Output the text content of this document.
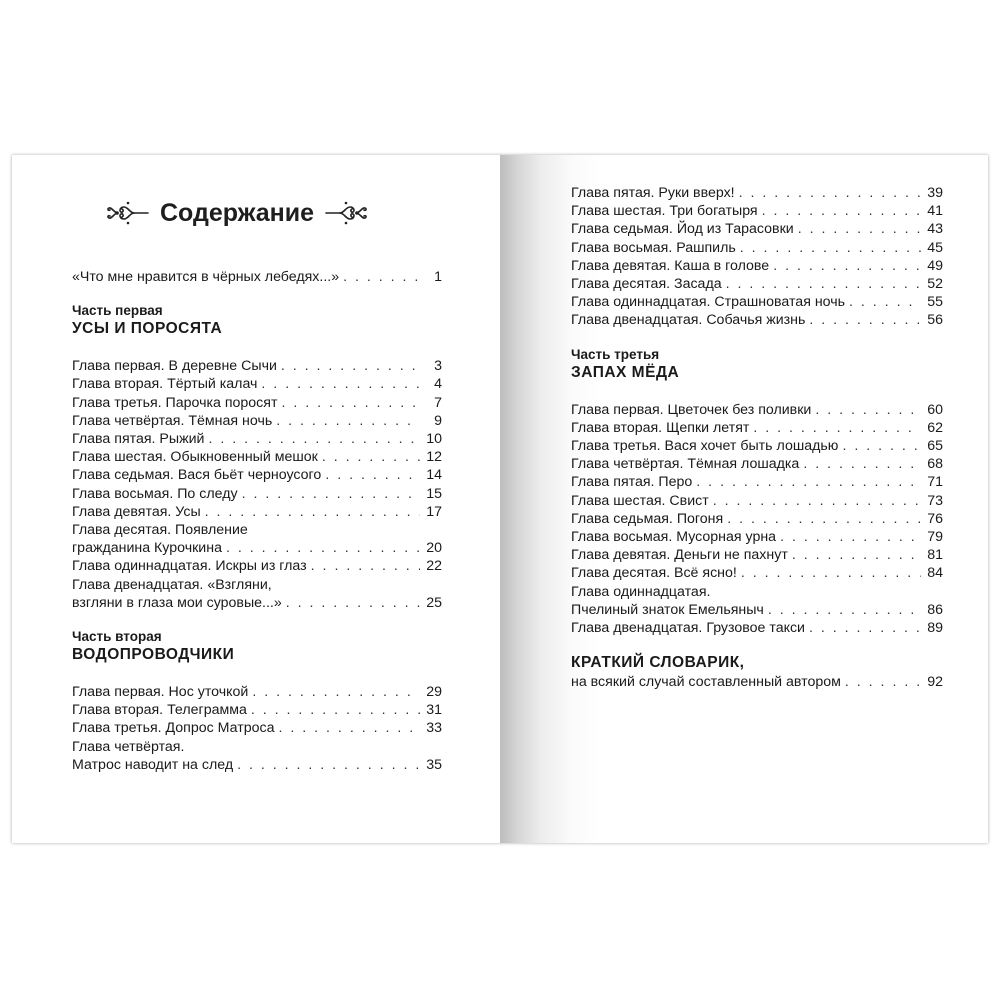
Содержание
«Что мне нравится в чёрных лебедях...» . . .	1
Часть первая
УСЫ И ПОРОСЯТА
Глава первая. В деревне Сычи . . .	3
Глава вторая. Тёртый калач . . .	4
Глава третья. Парочка поросят . . .	7
Глава четвёртая. Тёмная ночь . . .	9
Глава пятая. Рыжий . . .	10
Глава шестая. Обыкновенный мешок . . .	12
Глава седьмая. Вася бьёт черноусого . . .	14
Глава восьмая. По следу . . .	15
Глава девятая. Усы . . .	17
Глава десятая. Появление
гражданина Курочкина . . .	20
Глава одиннадцатая. Искры из глаз . . .	22
Глава двенадцатая. «Взгляни,
взгляни в глаза мои суровые...» . . .	25
Часть вторая
ВОДОПРОВОДЧИКИ
Глава первая. Нос уточкой . . .	29
Глава вторая. Телеграмма . . .	31
Глава третья. Допрос Матроса . . .	33
Глава четвёртая.
Матрос наводит на след . . .	35
Глава пятая. Руки вверх! . . .	39
Глава шестая. Три богатыря . . .	41
Глава седьмая. Йод из Тарасовки . . .	43
Глава восьмая. Рашпиль . . .	45
Глава девятая. Каша в голове . . .	49
Глава десятая. Засада . . .	52
Глава одиннадцатая. Страшноватая ночь . . .	55
Глава двенадцатая. Собачья жизнь . . .	56
Часть третья
ЗАПАХ МЁДА
Глава первая. Цветочек без поливки . . .	60
Глава вторая. Щепки летят . . .	62
Глава третья. Вася хочет быть лошадью . . .	65
Глава четвёртая. Тёмная лошадка . . .	68
Глава пятая. Перо . . .	71
Глава шестая. Свист . . .	73
Глава седьмая. Погоня . . .	76
Глава восьмая. Мусорная урна . . .	79
Глава девятая. Деньги не пахнут . . .	81
Глава десятая. Всё ясно! . . .	84
Глава одиннадцатая.
Пчелиный знаток Емельяныч . . .	86
Глава двенадцатая. Грузовое такси . . .	89
КРАТКИЙ СЛОВАРИК,
на всякий случай составленный автором . . .	92
